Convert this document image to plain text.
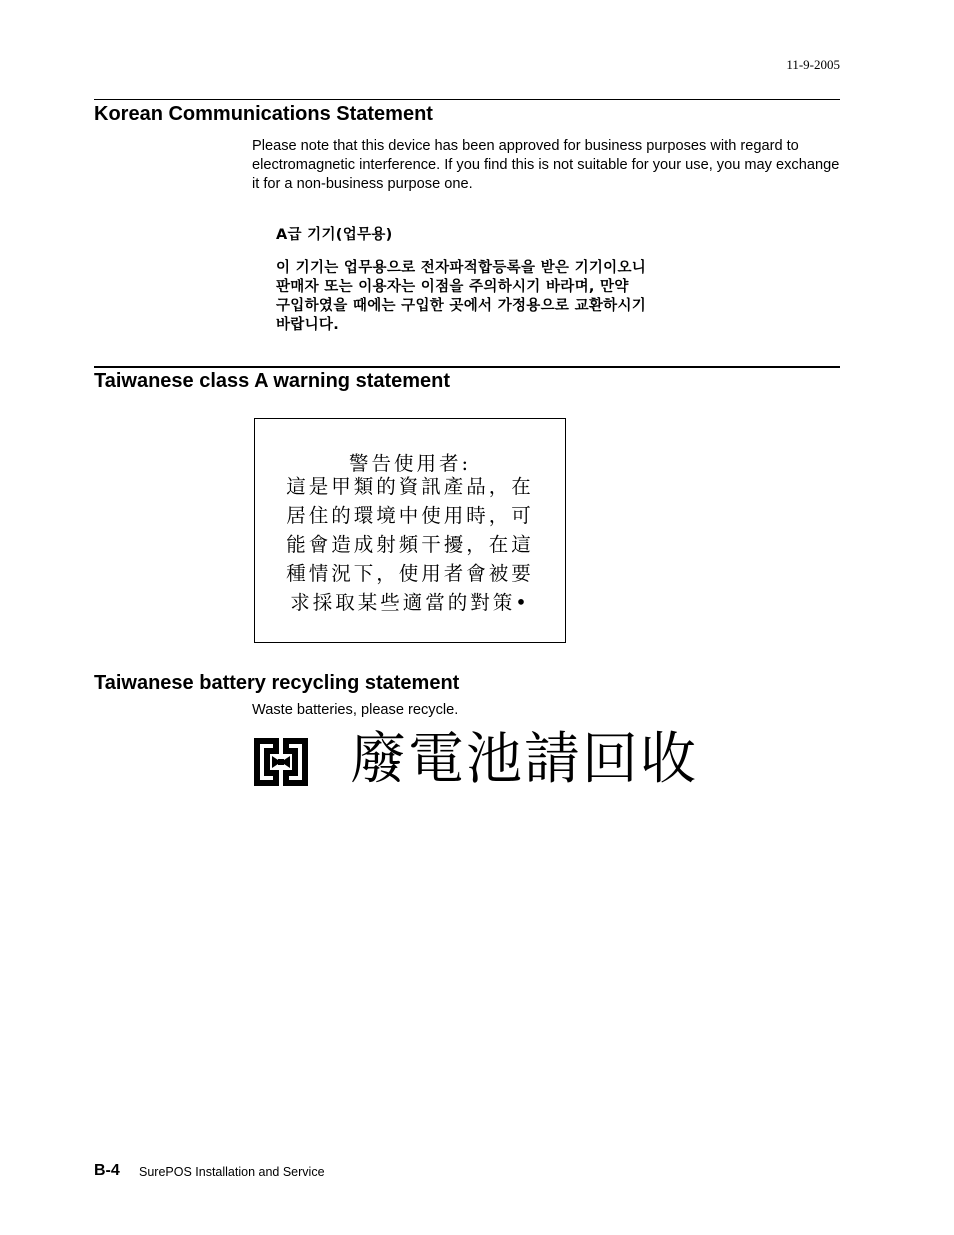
11-9-2005
Korean Communications Statement
Please note that this device has been approved for business purposes with regard to electromagnetic interference. If you find this is not suitable for your use, you may exchange it for a non-business purpose one.
A급 기기(업무용)
이 기기는 업무용으로 전자파적합등록을 받은 기기이오니
판매자 또는 이용자는 이점을 주의하시기 바라며, 만약
구입하였을 때에는 구입한 곳에서 가정용으로 교환하시기
바랍니다.
Taiwanese class A warning statement
警告使用者:
這是甲類的資訊產品，在
居住的環境中使用時，可
能會造成射頻干擾，在這
種情況下，使用者會被要
求採取某些適當的對策•
Taiwanese battery recycling statement
Waste batteries, please recycle.
廢電池請回收
B-4 SurePOS Installation and Service
